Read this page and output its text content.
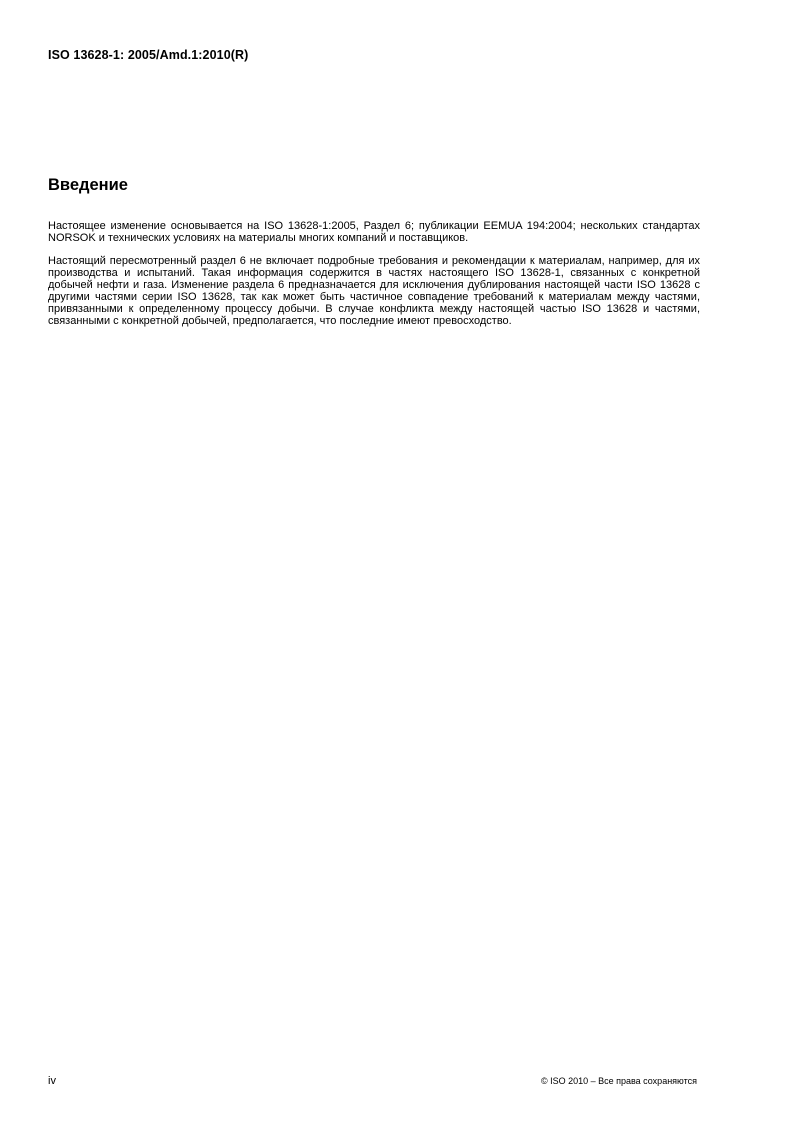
ISO 13628-1: 2005/Amd.1:2010(R)
Введение

Настоящее изменение основывается на ISO 13628-1:2005, Раздел 6; публикации EEMUA 194:2004; нескольких стандартах NORSOK и технических условиях на материалы многих компаний и поставщиков.

Настоящий пересмотренный раздел 6 не включает подробные требования и рекомендации к материалам, например, для их производства и испытаний. Такая информация содержится в частях настоящего ISO 13628-1, связанных с конкретной добычей нефти и газа. Изменение раздела 6 предназначается для исключения дублирования настоящей части ISO 13628 с другими частями серии ISO 13628, так как может быть частичное совпадение требований к материалам между частями, привязанными к определенному процессу добычи. В случае конфликта между настоящей частью ISO 13628 и частями, связанными с конкретной добычей, предполагается, что последние имеют превосходство.

iv	© ISO 2010 – Все права сохраняются
